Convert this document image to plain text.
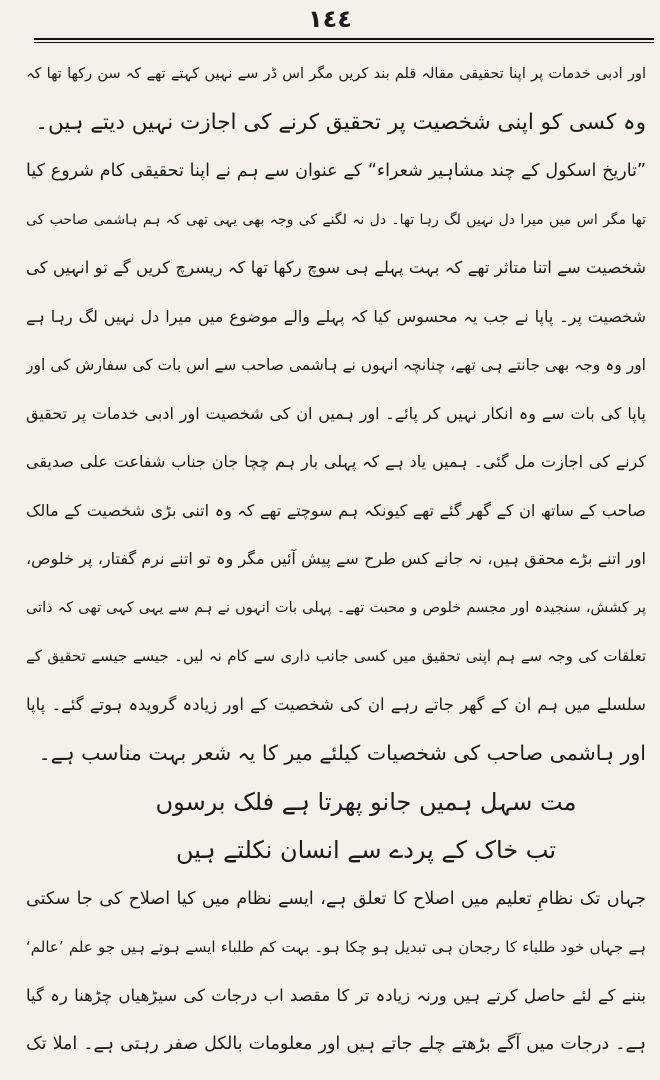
١٤٤
اور ادبی خدمات پر اپنا تحقیقی مقالہ قلم بند کریں مگر اس ڈر سے نہیں کہتے تھے کہ سن رکھا تھا کہ
وہ کسی کو اپنی شخصیت پر تحقیق کرنے کی اجازت نہیں دیتے ہیں۔
”تاریخ اسکول کے چند مشاہیر شعراء“ کے عنوان سے ہم نے اپنا تحقیقی کام شروع کیا
تھا مگر اس میں میرا دل نہیں لگ رہا تھا۔ دل نہ لگنے کی وجہ بھی یہی تھی کہ ہم ہاشمی صاحب کی
شخصیت سے اتنا متاثر تھے کہ بہت پہلے ہی سوچ رکھا تھا کہ ریسرچ کریں گے تو انہیں کی
شخصیت پر۔ پاپا نے جب یہ محسوس کیا کہ پہلے والے موضوع میں میرا دل نہیں لگ رہا ہے
اور وہ وجہ بھی جانتے ہی تھے، چنانچہ انہوں نے ہاشمی صاحب سے اس بات کی سفارش کی اور
پاپا کی بات سے وہ انکار نہیں کر پائے۔ اور ہمیں ان کی شخصیت اور ادبی خدمات پر تحقیق
کرنے کی اجازت مل گئی۔ ہمیں یاد ہے کہ پہلی بار ہم چچا جان جناب شفاعت علی صدیقی
صاحب کے ساتھ ان کے گھر گئے تھے کیونکہ ہم سوچتے تھے کہ وہ اتنی بڑی شخصیت کے مالک
اور اتنے بڑے محقق ہیں، نہ جانے کس طرح سے پیش آئیں مگر وہ تو اتنے نرم گفتار، پر خلوص،
پر کشش، سنجیدہ اور مجسم خلوص و محبت تھے۔ پہلی بات انہوں نے ہم سے یہی کہی تھی کہ ذاتی
تعلقات کی وجہ سے ہم اپنی تحقیق میں کسی جانب داری سے کام نہ لیں۔ جیسے جیسے تحقیق کے
سلسلے میں ہم ان کے گھر جاتے رہے ان کی شخصیت کے اور زیادہ گرویدہ ہوتے گئے۔ پاپا
اور ہاشمی صاحب کی شخصیات کیلئے میر کا یہ شعر بہت مناسب ہے۔
مت سہل ہمیں جانو پھرتا ہے فلک برسوں
تب خاک کے پردے سے انسان نکلتے ہیں
جہاں تک نظامِ تعلیم میں اصلاح کا تعلق ہے، ایسے نظام میں کیا اصلاح کی جا سکتی
ہے جہاں خود طلباء کا رجحان ہی تبدیل ہو چکا ہو۔ بہت کم طلباء ایسے ہوتے ہیں جو علم ’عالم‘
بننے کے لئے حاصل کرتے ہیں ورنہ زیادہ تر کا مقصد اب درجات کی سیڑھیاں چڑھنا رہ گیا
ہے۔ درجات میں آگے بڑھتے چلے جاتے ہیں اور معلومات بالکل صفر رہتی ہے۔ املا تک
